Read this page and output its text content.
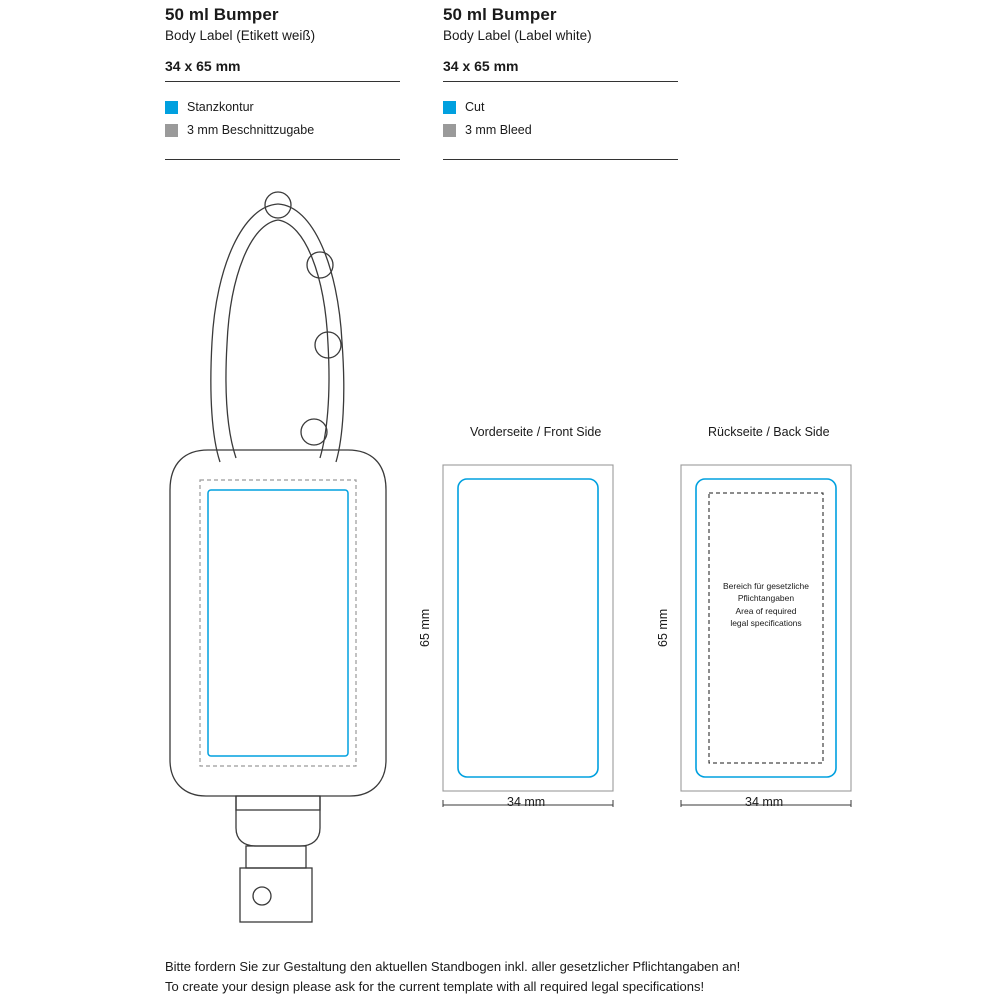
50 ml Bumper
Body Label (Etikett weiß)
34 x 65 mm
Stanzkontur
3 mm Beschnittzugabe
50 ml Bumper
Body Label (Label white)
34 x 65 mm
Cut
3 mm Bleed
Vorderseite / Front Side
65 mm
34 mm
Rückseite / Back Side
65 mm
34 mm
Bereich für gesetzliche
Pflichtangaben
Area of required
legal specifications
Bitte fordern Sie zur Gestaltung den aktuellen Standbogen inkl. aller gesetzlicher Pflichtangaben an!
To create your design please ask for the current template with all required legal specifications!
